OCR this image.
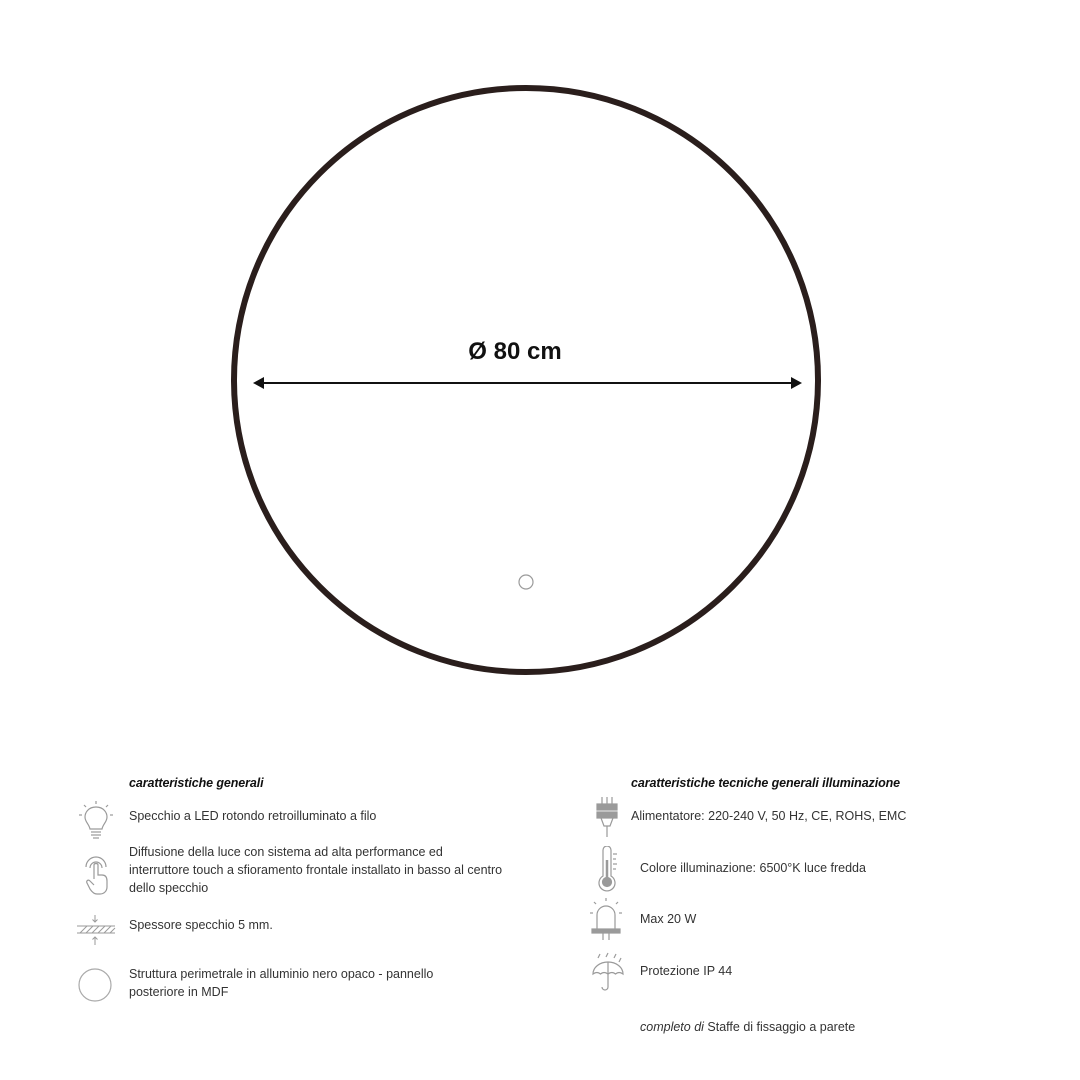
Ø 80 cm
caratteristiche generali
Specchio a LED rotondo retroilluminato a filo
Diffusione della luce con sistema ad alta performance ed interruttore touch a sfioramento frontale installato in basso al centro dello specchio
Spessore specchio 5 mm.
Struttura perimetrale in alluminio nero opaco - pannello posteriore in MDF
caratteristiche tecniche generali illuminazione
Alimentatore: 220-240 V, 50 Hz, CE, ROHS, EMC
Colore illuminazione: 6500°K luce fredda
Max 20 W
Protezione IP 44
completo di Staffe di fissaggio a parete
